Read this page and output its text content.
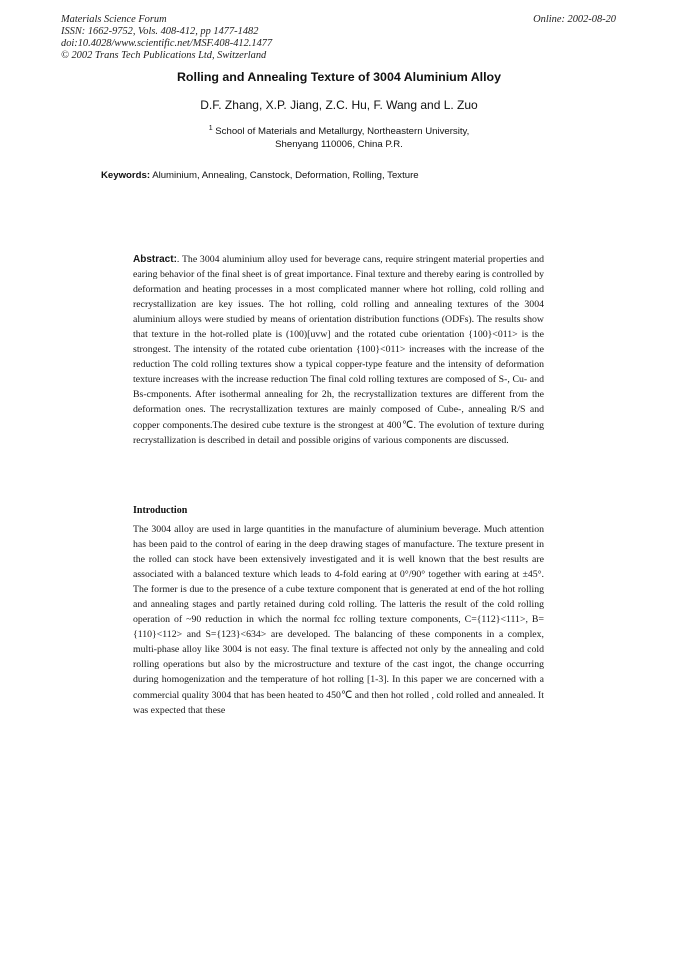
Materials Science Forum
ISSN: 1662-9752, Vols. 408-412, pp 1477-1482
doi:10.4028/www.scientific.net/MSF.408-412.1477
© 2002 Trans Tech Publications Ltd, Switzerland
Online: 2002-08-20
Rolling and Annealing Texture of 3004 Aluminium Alloy
D.F. Zhang, X.P. Jiang, Z.C. Hu, F. Wang and L. Zuo
$^1$ School of Materials and Metallurgy, Northeastern University,
Shenyang 110006, China P.R.
Keywords: Aluminium, Annealing, Canstock, Deformation, Rolling, Texture
Abstract:. The 3004 aluminium alloy used for beverage cans, require stringent material properties and earing behavior of the final sheet is of great importance. Final texture and thereby earing is controlled by deformation and heating processes in a most complicated manner where hot rolling, cold rolling and recrystallization are key issues. The hot rolling, cold rolling and annealing textures of the 3004 aluminium alloys were studied by means of orientation distribution functions (ODFs). The results show that texture in the hot-rolled plate is (100)[uvw] and the rotated cube orientation {100}<011> is the strongest. The intensity of the rotated cube orientation {100}<011> increases with the increase of the reduction The cold rolling textures show a typical copper-type feature and the intensity of deformation texture increases with the increase reduction The final cold rolling textures are composed of S-, Cu- and Bs-cmponents. After isothermal annealing for 2h, the recrystallization textures are different from the deformation ones. The recrystallization textures are mainly composed of Cube-, annealing R/S and copper components.The desired cube texture is the strongest at 400℃. The evolution of texture during recrystallization is described in detail and possible origins of various components are discussed.
Introduction
The 3004 alloy are used in large quantities in the manufacture of aluminium beverage. Much attention has been paid to the control of earing in the deep drawing stages of manufacture. The texture present in the rolled can stock have been extensively investigated and it is well known that the best results are associated with a balanced texture which leads to 4-fold earing at 0°/90° together with earing at ±45°. The former is due to the presence of a cube texture component that is generated at end of the hot rolling and annealing stages and partly retained during cold rolling. The latteris the result of the cold rolling operation of ~90 reduction in which the normal fcc rolling texture components, C={112}<111>, B={110}<112> and S={123}<634> are developed. The balancing of these components in a complex, multi-phase alloy like 3004 is not easy. The final texture is affected not only by the annealing and cold rolling operations but also by the microstructure and texture of the cast ingot, the change occurring during homogenization and the temperature of hot rolling [1-3]. In this paper we are concerned with a commercial quality 3004 that has been heated to 450℃ and then hot rolled , cold rolled and annealed. It was expected that these
